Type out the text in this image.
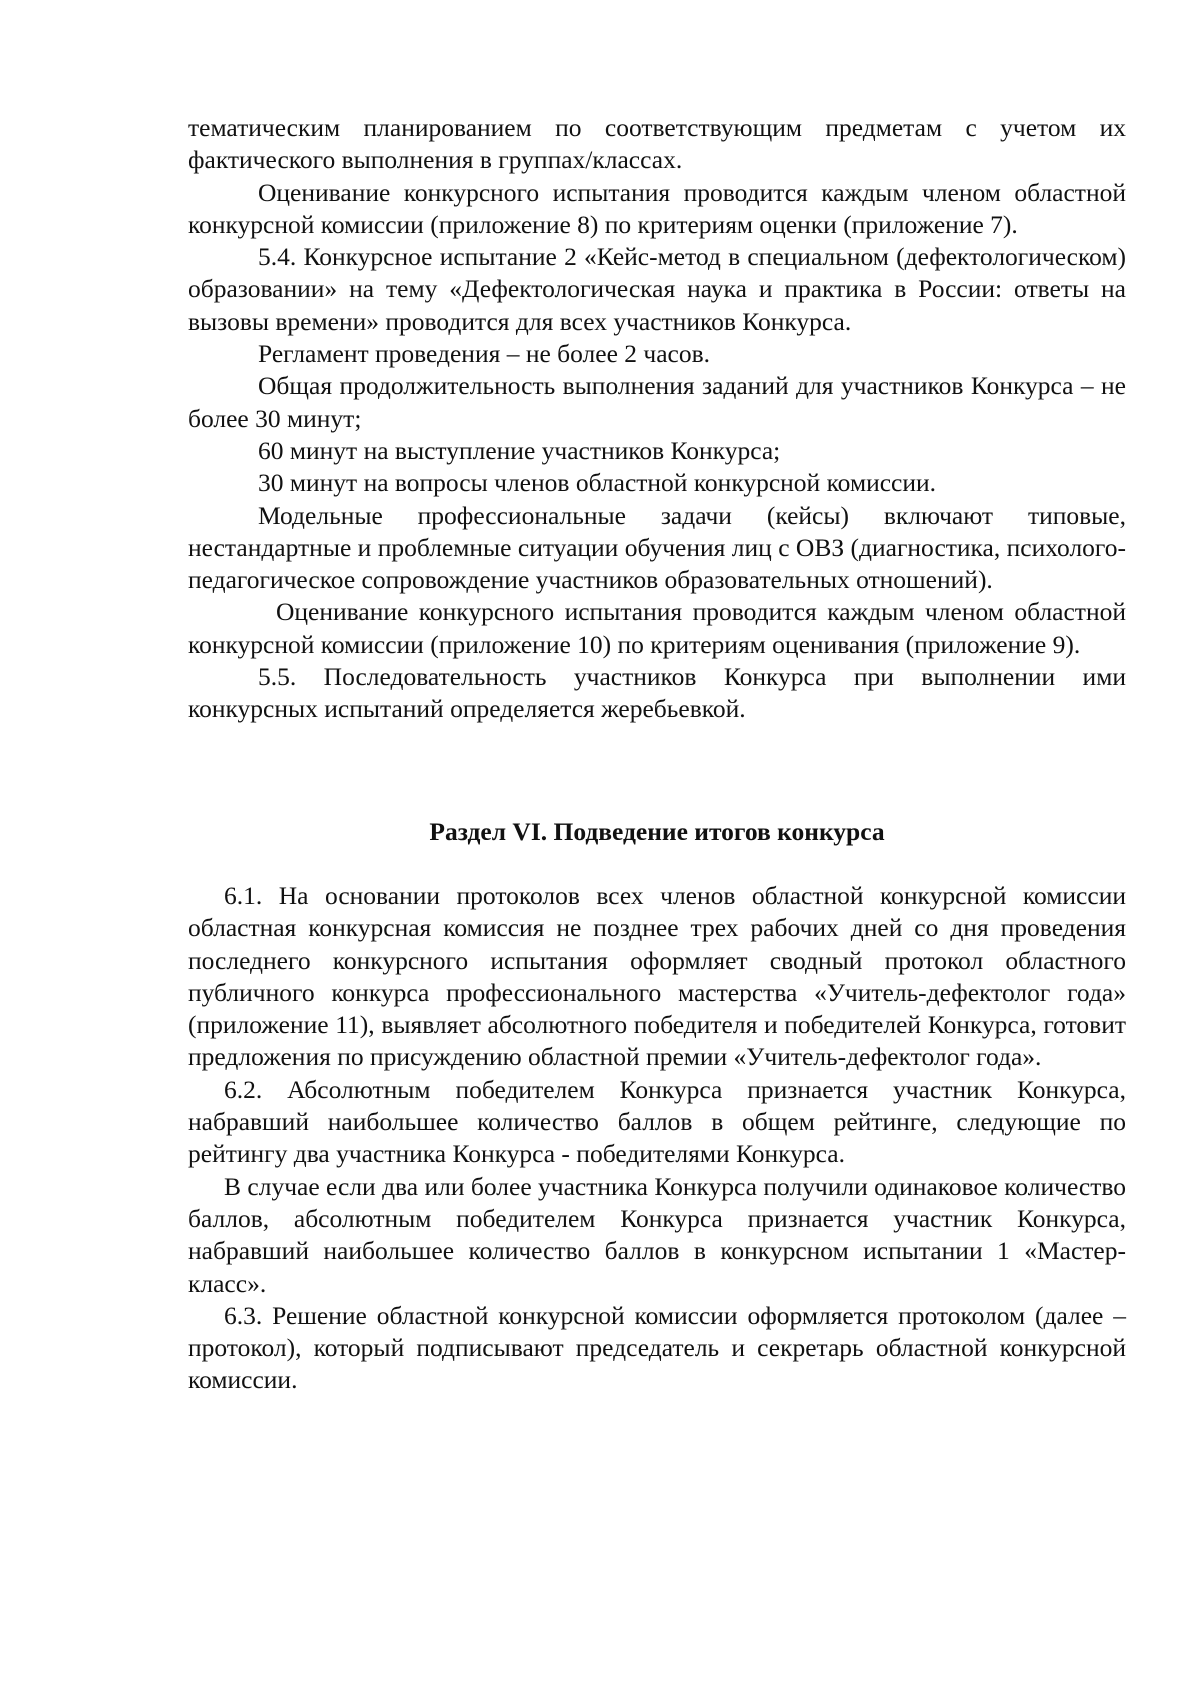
тематическим планированием по соответствующим предметам с учетом их фактического выполнения в группах/классах.

Оценивание конкурсного испытания проводится каждым членом областной конкурсной комиссии (приложение 8) по критериям оценки (приложение 7).

5.4. Конкурсное испытание 2 «Кейс-метод в специальном (дефектологическом) образовании» на тему «Дефектологическая наука и практика в России: ответы на вызовы времени» проводится для всех участников Конкурса.

Регламент проведения – не более 2 часов.

Общая продолжительность выполнения заданий для участников Конкурса – не более 30 минут;

60 минут на выступление участников Конкурса;

30 минут на вопросы членов областной конкурсной комиссии.

Модельные профессиональные задачи (кейсы) включают типовые, нестандартные и проблемные ситуации обучения лиц с ОВЗ (диагностика, психолого-педагогическое сопровождение участников образовательных отношений).

Оценивание конкурсного испытания проводится каждым членом областной конкурсной комиссии (приложение 10) по критериям оценивания (приложение 9).

5.5. Последовательность участников Конкурса при выполнении ими конкурсных испытаний определяется жеребьевкой.

Раздел VI. Подведение итогов конкурса

6.1. На основании протоколов всех членов областной конкурсной комиссии областная конкурсная комиссия не позднее трех рабочих дней со дня проведения последнего конкурсного испытания оформляет сводный протокол областного публичного конкурса профессионального мастерства «Учитель-дефектолог года» (приложение 11), выявляет абсолютного победителя и победителей Конкурса, готовит предложения по присуждению областной премии «Учитель-дефектолог года».

6.2. Абсолютным победителем Конкурса признается участник Конкурса, набравший наибольшее количество баллов в общем рейтинге, следующие по рейтингу два участника Конкурса - победителями Конкурса.

В случае если два или более участника Конкурса получили одинаковое количество баллов, абсолютным победителем Конкурса признается участник Конкурса, набравший наибольшее количество баллов в конкурсном испытании 1 «Мастер-класс».

6.3. Решение областной конкурсной комиссии оформляется протоколом (далее – протокол), который подписывают председатель и секретарь областной конкурсной комиссии.
